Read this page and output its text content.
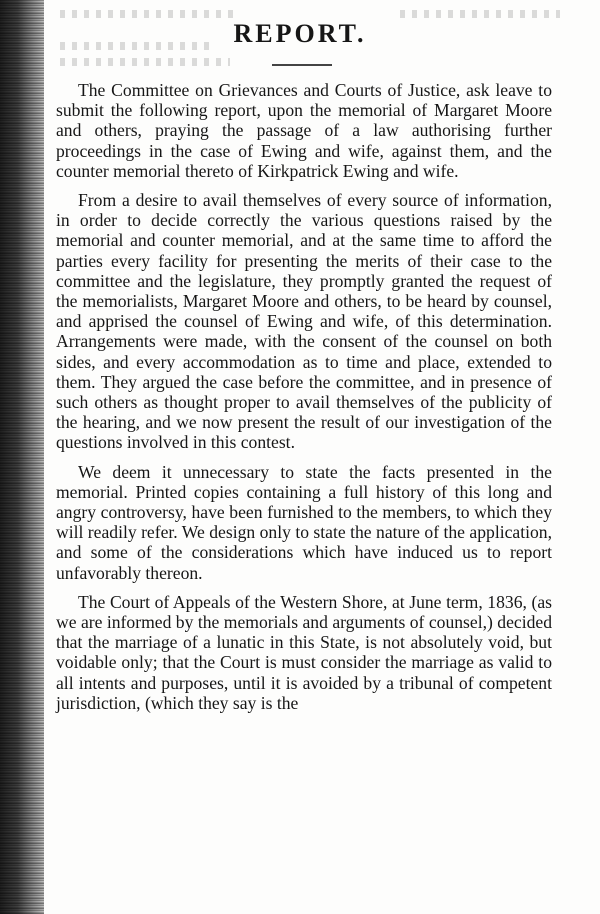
REPORT.

The Committee on Grievances and Courts of Justice, ask leave to submit the following report, upon the memorial of Margaret Moore and others, praying the passage of a law authorising further proceedings in the case of Ewing and wife, against them, and the counter memorial thereto of Kirkpatrick Ewing and wife.

From a desire to avail themselves of every source of information, in order to decide correctly the various questions raised by the memorial and counter memorial, and at the same time to afford the parties every facility for presenting the merits of their case to the committee and the legislature, they promptly granted the request of the memorialists, Margaret Moore and others, to be heard by counsel, and apprised the counsel of Ewing and wife, of this determination. Arrangements were made, with the consent of the counsel on both sides, and every accommodation as to time and place, extended to them. They argued the case before the committee, and in presence of such others as thought proper to avail themselves of the publicity of the hearing, and we now present the result of our investigation of the questions involved in this contest.

We deem it unnecessary to state the facts presented in the memorial. Printed copies containing a full history of this long and angry controversy, have been furnished to the members, to which they will readily refer. We design only to state the nature of the application, and some of the considerations which have induced us to report unfavorably thereon.

The Court of Appeals of the Western Shore, at June term, 1836, (as we are informed by the memorials and arguments of counsel,) decided that the marriage of a lunatic in this State, is not absolutely void, but voidable only; that the Court is must consider the marriage as valid to all intents and purposes, until it is avoided by a tribunal of competent jurisdiction, (which they say is the
